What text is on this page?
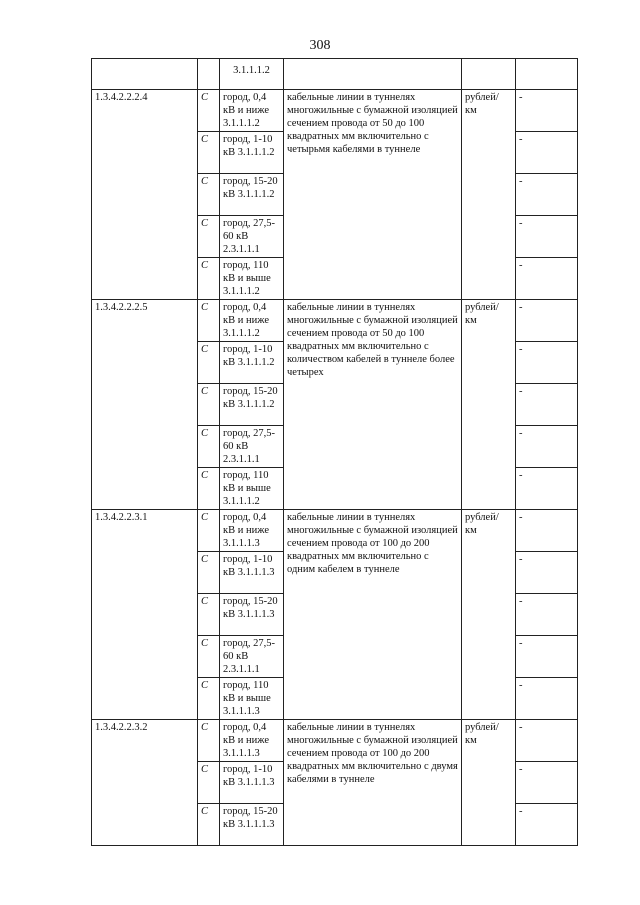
308

		3.1.1.1.2			

1.3.4.2.2.2.4	С	город, 0,4 кВ и ниже 3.1.1.1.2	кабельные линии в туннелях многожильные с бумажной изоляцией сечением провода от 50 до 100 квадратных мм включительно с четырьмя кабелями в туннеле	рублей/ км	-
	С	город, 1-10 кВ 3.1.1.1.2			-
	С	город, 15-20 кВ 3.1.1.1.2			-
	С	город, 27,5-60 кВ 2.3.1.1.1			-
	С	город, 110 кВ и выше 3.1.1.1.2			-
1.3.4.2.2.2.5	С	город, 0,4 кВ и ниже 3.1.1.1.2	кабельные линии в туннелях многожильные с бумажной изоляцией сечением провода от 50 до 100 квадратных мм включительно с количеством кабелей в туннеле более четырех	рублей/ км	-
	С	город, 1-10 кВ 3.1.1.1.2			-
	С	город, 15-20 кВ 3.1.1.1.2			-
	С	город, 27,5-60 кВ 2.3.1.1.1			-
	С	город, 110 кВ и выше 3.1.1.1.2			-
1.3.4.2.2.3.1	С	город, 0,4 кВ и ниже 3.1.1.1.3	кабельные линии в туннелях многожильные с бумажной изоляцией сечением провода от 100 до 200 квадратных мм включительно с одним кабелем в туннеле	рублей/ км	-
	С	город, 1-10 кВ 3.1.1.1.3			-
	С	город, 15-20 кВ 3.1.1.1.3			-
	С	город, 27,5-60 кВ 2.3.1.1.1			-
	С	город, 110 кВ и выше 3.1.1.1.3			-
1.3.4.2.2.3.2	С	город, 0,4 кВ и ниже 3.1.1.1.3	кабельные линии в туннелях многожильные с бумажной изоляцией сечением провода от 100 до 200 квадратных мм включительно с двумя кабелями в туннеле	рублей/ км	-
	С	город, 1-10 кВ 3.1.1.1.3			-
	С	город, 15-20 кВ 3.1.1.1.3			-
